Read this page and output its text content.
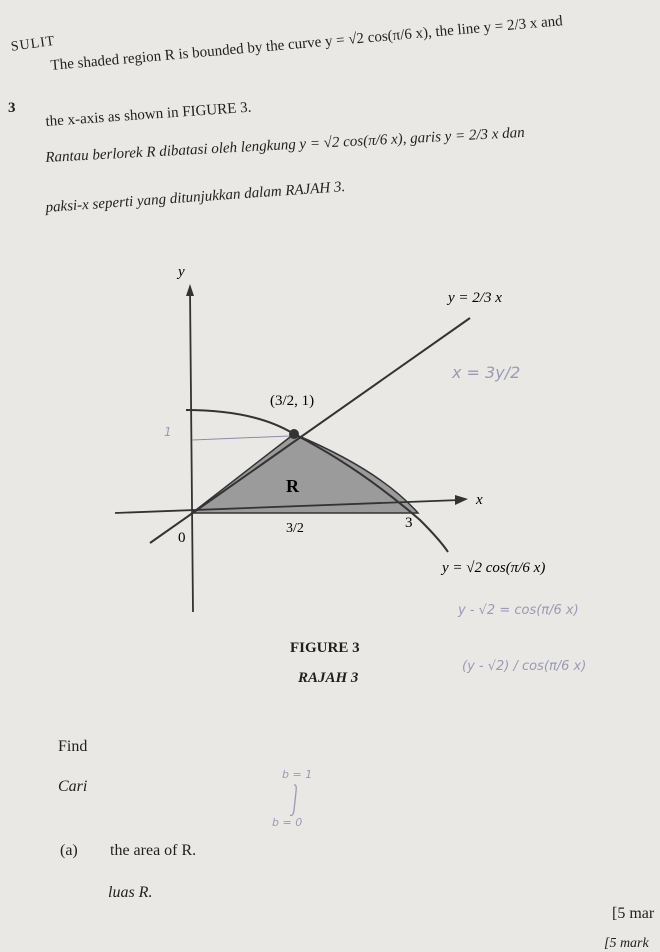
SULIT
3
The shaded region R is bounded by the curve y = √2 cos(π/6 x), the line y = 2/3 x and
the x-axis as shown in FIGURE 3.
Rantau berlorek R dibatasi oleh lengkung y = √2 cos(π/6 x), garis y = 2/3 x dan
paksi-x seperti yang ditunjukkan dalam RAJAH 3.
y
x
0
y = 2/3 x
y = √2 cos(π/6 x)
(3/2, 1)
R
3
3/2
x = 3y/2
y - √2 = cos(π/6 x)
(y - √2) / cos(π/6 x)
b = 1
b = 0
1
FIGURE 3
RAJAH 3
Find
Cari
(a) the area of R.
luas R.
[5 mar
[5 mark
